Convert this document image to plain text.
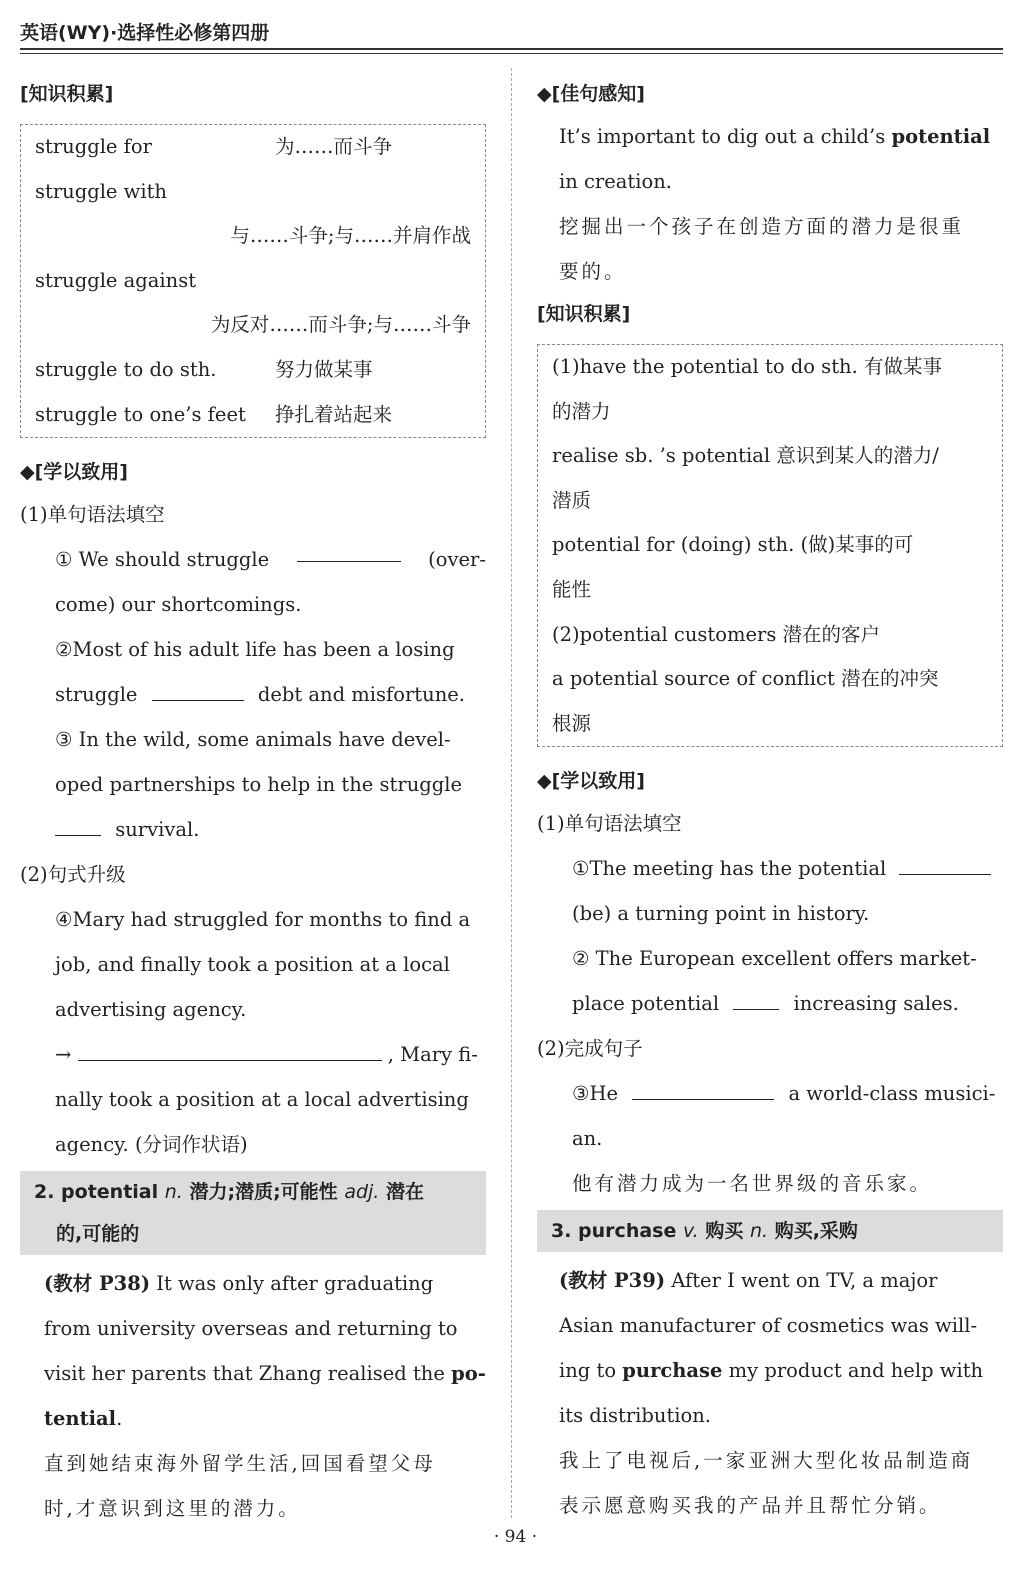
英语(WY)·选择性必修第四册
[知识积累]
struggle for	为……而斗争
struggle with
与……斗争;与……并肩作战
struggle against
为反对……而斗争;与……斗争
struggle to do sth.	努力做某事
struggle to one’s feet 挣扎着站起来
◆[学以致用]
(1)单句语法填空
① We should struggle	(over-
come) our shortcomings.
②Most of his adult life has been a losing
struggle	debt and misfortune.
③ In the wild, some animals have devel-
oped partnerships to help in the struggle
survival.
(2)句式升级
④Mary had struggled for months to find a
job, and finally took a position at a local
advertising agency.
→	, Mary fi-
nally took a position at a local advertising
agency. (分词作状语)
2. potential n. 潜力;潜质;可能性 adj. 潜在
的,可能的
(教材 P38) It was only after graduating
from university overseas and returning to
visit her parents that Zhang realised the po-
tential.
直到她结束海外留学生活,回国看望父母
时,才意识到这里的潜力。
◆[佳句感知]
It’s important to dig out a child’s potential
in creation.
挖掘出一个孩子在创造方面的潜力是很重
要的。
[知识积累]
(1)have the potential to do sth. 有做某事
的潜力
realise sb. ’s potential 意识到某人的潜力/
潜质
potential for (doing) sth. (做)某事的可
能性
(2)potential customers 潜在的客户
a potential source of conflict 潜在的冲突
根源
◆[学以致用]
(1)单句语法填空
①The meeting has the potential
(be) a turning point in history.
② The European excellent offers market-
place potential	increasing sales.
(2)完成句子
③He	a world-class musici-
an.
他有潜力成为一名世界级的音乐家。
3. purchase v. 购买 n. 购买,采购
(教材 P39) After I went on TV, a major
Asian manufacturer of cosmetics was will-
ing to purchase my product and help with
its distribution.
我上了电视后,一家亚洲大型化妆品制造商
表示愿意购买我的产品并且帮忙分销。
· 94 ·
